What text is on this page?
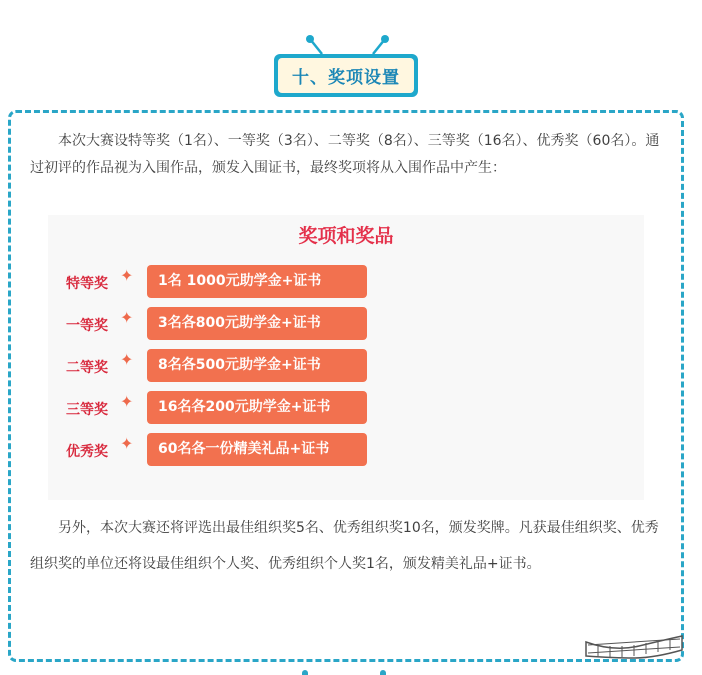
十、奖项设置

本次大赛设特等奖（1名）、一等奖（3名）、二等奖（8名）、三等奖（16名）、优秀奖（60名）。通过初评的作品视为入围作品，颁发入围证书，最终奖项将从入围作品中产生：

奖项和奖品
特等奖 ✦	1名 1000元助学金+证书
一等奖 ✦	3名各800元助学金+证书
二等奖 ✦	8名各500元助学金+证书
三等奖 ✦	16名各200元助学金+证书
优秀奖 ✦	60名各一份精美礼品+证书

另外，本次大赛还将评选出最佳组织奖5名、优秀组织奖10名，颁发奖牌。凡获最佳组织奖、优秀组织奖的单位还将设最佳组织个人奖、优秀组织个人奖1名，颁发精美礼品+证书。
